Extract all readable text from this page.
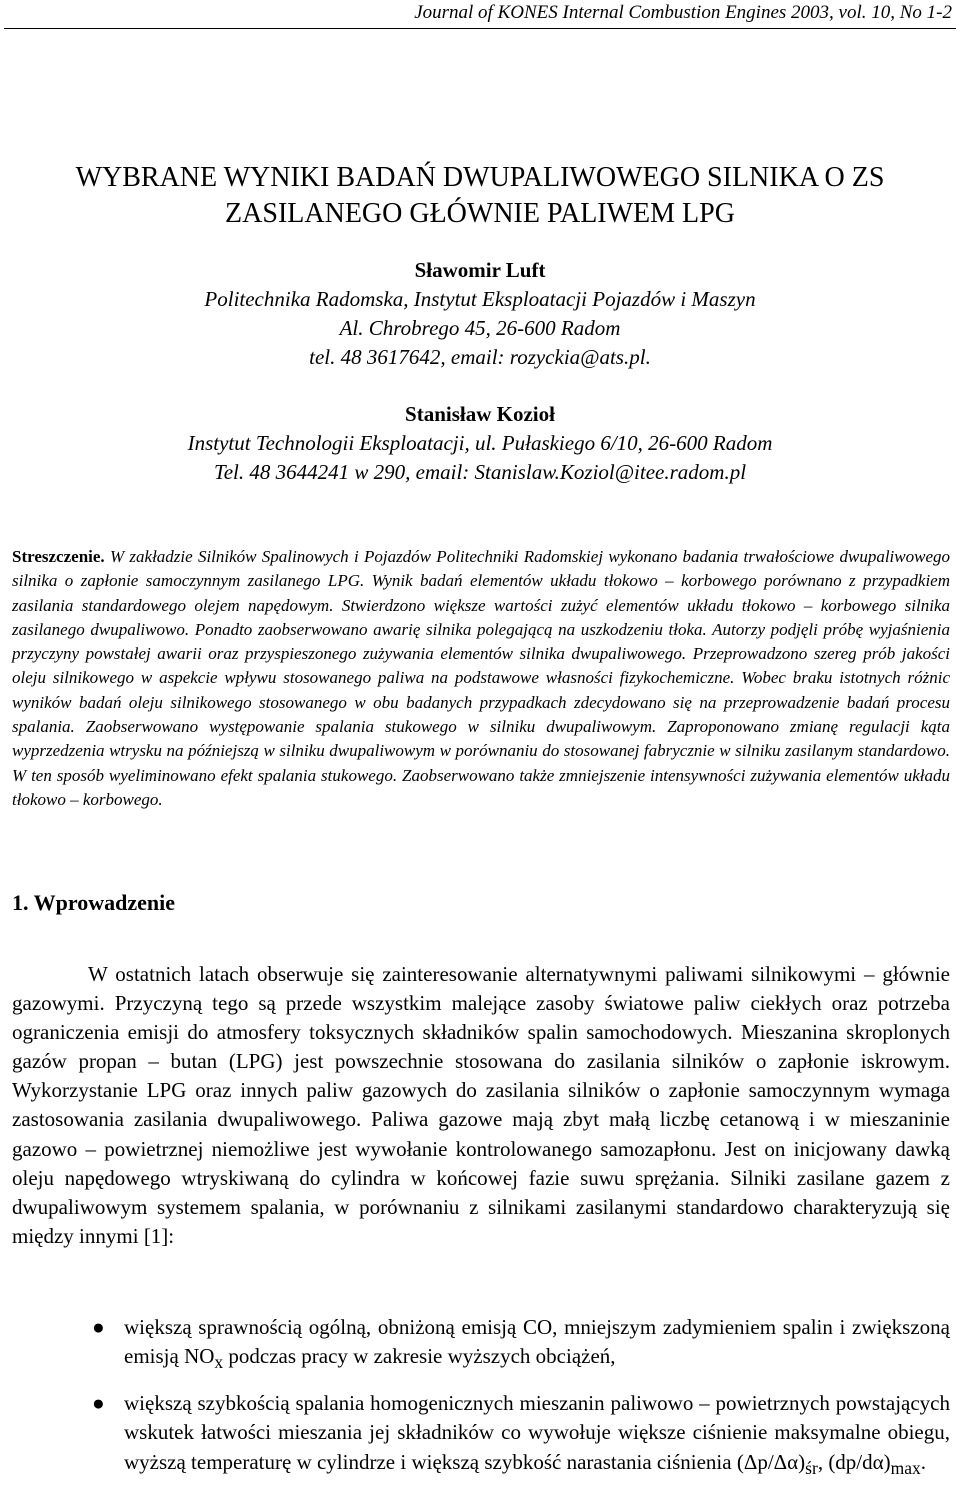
Journal of KONES Internal Combustion Engines 2003, vol. 10, No 1-2
WYBRANE WYNIKI BADAŃ DWUPALIWOWEGO SILNIKA O ZS
ZASILANEGO GŁÓWNIE PALIWEM LPG
Sławomir Luft
Politechnika Radomska, Instytut Eksploatacji Pojazdów i Maszyn
Al. Chrobrego 45, 26-600 Radom
tel. 48 3617642, email: rozyckia@ats.pl.
Stanisław Kozioł
Instytut Technologii Eksploatacji, ul. Pułaskiego 6/10, 26-600 Radom
Tel. 48 3644241 w 290, email: Stanislaw.Koziol@itee.radom.pl
Streszczenie. W zakładzie Silników Spalinowych i Pojazdów Politechniki Radomskiej wykonano badania trwałościowe dwupaliwowego silnika o zapłonie samoczynnym zasilanego LPG. Wynik badań elementów układu tłokowo – korbowego porównano z przypadkiem zasilania standardowego olejem napędowym. Stwierdzono większe wartości zużyć elementów układu tłokowo – korbowego silnika zasilanego dwupaliwowo. Ponadto zaobserwowano awarię silnika polegającą na uszkodzeniu tłoka. Autorzy podjęli próbę wyjaśnienia przyczyny powstałej awarii oraz przyspieszonego zużywania elementów silnika dwupaliwowego. Przeprowadzono szereg prób jakości oleju silnikowego w aspekcie wpływu stosowanego paliwa na podstawowe własności fizykochemiczne. Wobec braku istotnych różnic wyników badań oleju silnikowego stosowanego w obu badanych przypadkach zdecydowano się na przeprowadzenie badań procesu spalania. Zaobserwowano występowanie spalania stukowego w silniku dwupaliwowym. Zaproponowano zmianę regulacji kąta wyprzedzenia wtrysku na późniejszą w silniku dwupaliwowym w porównaniu do stosowanej fabrycznie w silniku zasilanym standardowo. W ten sposób wyeliminowano efekt spalania stukowego. Zaobserwowano także zmniejszenie intensywności zużywania elementów układu tłokowo – korbowego.
1. Wprowadzenie

W ostatnich latach obserwuje się zainteresowanie alternatywnymi paliwami silnikowymi – głównie gazowymi. Przyczyną tego są przede wszystkim malejące zasoby światowe paliw ciekłych oraz potrzeba ograniczenia emisji do atmosfery toksycznych składników spalin samochodowych. Mieszanina skroplonych gazów propan – butan (LPG) jest powszechnie stosowana do zasilania silników o zapłonie iskrowym. Wykorzystanie LPG oraz innych paliw gazowych do zasilania silników o zapłonie samoczynnym wymaga zastosowania zasilania dwupaliwowego. Paliwa gazowe mają zbyt małą liczbę cetanową i w mieszaninie gazowo – powietrznej niemożliwe jest wywołanie kontrolowanego samozapłonu. Jest on inicjowany dawką oleju napędowego wtryskiwaną do cylindra w końcowej fazie suwu sprężania. Silniki zasilane gazem z dwupaliwowym systemem spalania, w porównaniu z silnikami zasilanymi standardowo charakteryzują się między innymi [1]:

● większą sprawnością ogólną, obniżoną emisją CO, mniejszym zadymieniem spalin i zwiększoną emisją $NO_x$ podczas pracy w zakresie wyższych obciążeń,
● większą szybkością spalania homogenicznych mieszanin paliwowo – powietrznych powstających wskutek łatwości mieszania jej składników co wywołuje większe ciśnienie maksymalne obiegu, wyższą temperaturę w cylindrze i większą szybkość narastania ciśnienia $(\Delta p/\Delta\alpha)_{śr}$, $(dp/d\alpha)_{max}$.
